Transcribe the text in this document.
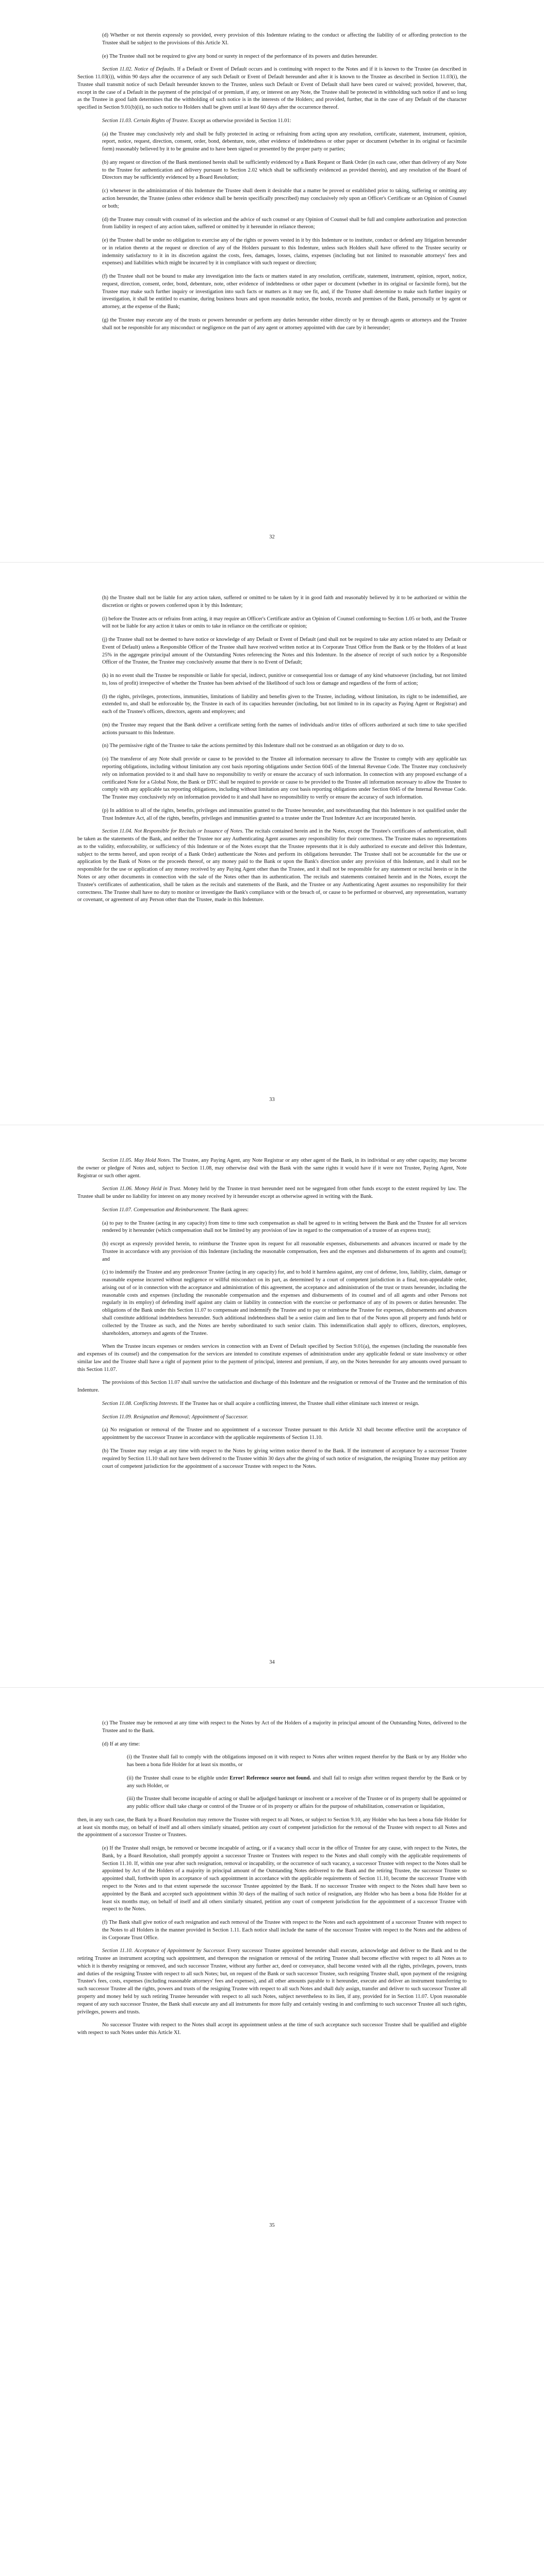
(d) Whether or not therein expressly so provided, every provision of this Indenture relating to the conduct or affecting the liability of or affording protection to the Trustee shall be subject to the provisions of this Article XI.

(e) The Trustee shall not be required to give any bond or surety in respect of the performance of its powers and duties hereunder.

Section 11.02. Notice of Defaults. If a Default or Event of Default occurs and is continuing with respect to the Notes and if it is known to the Trustee (as described in Section 11.03(i)), within 90 days after the occurrence of any such Default or Event of Default hereunder and after it is known to the Trustee as described in Section 11.03(i), the Trustee shall transmit notice of such Default hereunder known to the Trustee, unless such Default or Event of Default shall have been cured or waived; provided, however, that, except in the case of a Default in the payment of the principal of or premium, if any, or interest on any Note, the Trustee shall be protected in withholding such notice if and so long as the Trustee in good faith determines that the withholding of such notice is in the interests of the Holders; and provided, further, that in the case of any Default of the character specified in Section 9.01(b)(ii), no such notice to Holders shall be given until at least 60 days after the occurrence thereof.

Section 11.03. Certain Rights of Trustee. Except as otherwise provided in Section 11.01:

(a) the Trustee may conclusively rely and shall be fully protected in acting or refraining from acting upon any resolution, certificate, statement, instrument, opinion, report, notice, request, direction, consent, order, bond, debenture, note, other evidence of indebtedness or other paper or document (whether in its original or facsimile form) reasonably believed by it to be genuine and to have been signed or presented by the proper party or parties;

(b) any request or direction of the Bank mentioned herein shall be sufficiently evidenced by a Bank Request or Bank Order (in each case, other than delivery of any Note to the Trustee for authentication and delivery pursuant to Section 2.02 which shall be sufficiently evidenced as provided therein), and any resolution of the Board of Directors may be sufficiently evidenced by a Board Resolution;

(c) whenever in the administration of this Indenture the Trustee shall deem it desirable that a matter be proved or established prior to taking, suffering or omitting any action hereunder, the Trustee (unless other evidence shall be herein specifically prescribed) may conclusively rely upon an Officer's Certificate or an Opinion of Counsel or both;

(d) the Trustee may consult with counsel of its selection and the advice of such counsel or any Opinion of Counsel shall be full and complete authorization and protection from liability in respect of any action taken, suffered or omitted by it hereunder in reliance thereon;

(e) the Trustee shall be under no obligation to exercise any of the rights or powers vested in it by this Indenture or to institute, conduct or defend any litigation hereunder or in relation thereto at the request or direction of any of the Holders pursuant to this Indenture, unless such Holders shall have offered to the Trustee security or indemnity satisfactory to it in its discretion against the costs, fees, damages, losses, claims, expenses (including but not limited to reasonable attorneys' fees and expenses) and liabilities which might be incurred by it in compliance with such request or direction;

(f) the Trustee shall not be bound to make any investigation into the facts or matters stated in any resolution, certificate, statement, instrument, opinion, report, notice, request, direction, consent, order, bond, debenture, note, other evidence of indebtedness or other paper or document (whether in its original or facsimile form), but the Trustee may make such further inquiry or investigation into such facts or matters as it may see fit, and, if the Trustee shall determine to make such further inquiry or investigation, it shall be entitled to examine, during business hours and upon reasonable notice, the books, records and premises of the Bank, personally or by agent or attorney, at the expense of the Bank;

(g) the Trustee may execute any of the trusts or powers hereunder or perform any duties hereunder either directly or by or through agents or attorneys and the Trustee shall not be responsible for any misconduct or negligence on the part of any agent or attorney appointed with due care by it hereunder;

32

(h) the Trustee shall not be liable for any action taken, suffered or omitted to be taken by it in good faith and reasonably believed by it to be authorized or within the discretion or rights or powers conferred upon it by this Indenture;

(i) before the Trustee acts or refrains from acting, it may require an Officer's Certificate and/or an Opinion of Counsel conforming to Section 1.05 or both, and the Trustee will not be liable for any action it takes or omits to take in reliance on the certificate or opinion;

(j) the Trustee shall not be deemed to have notice or knowledge of any Default or Event of Default (and shall not be required to take any action related to any Default or Event of Default) unless a Responsible Officer of the Trustee shall have received written notice at its Corporate Trust Office from the Bank or by the Holders of at least 25% in the aggregate principal amount of the Outstanding Notes referencing the Notes and this Indenture. In the absence of receipt of such notice by a Responsible Officer of the Trustee, the Trustee may conclusively assume that there is no Event of Default;

(k) in no event shall the Trustee be responsible or liable for special, indirect, punitive or consequential loss or damage of any kind whatsoever (including, but not limited to, loss of profit) irrespective of whether the Trustee has been advised of the likelihood of such loss or damage and regardless of the form of action;

(l) the rights, privileges, protections, immunities, limitations of liability and benefits given to the Trustee, including, without limitation, its right to be indemnified, are extended to, and shall be enforceable by, the Trustee in each of its capacities hereunder (including, but not limited to in its capacity as Paying Agent or Registrar) and each of the Trustee's officers, directors, agents and employees; and

(m) the Trustee may request that the Bank deliver a certificate setting forth the names of individuals and/or titles of officers authorized at such time to take specified actions pursuant to this Indenture.

(n) The permissive right of the Trustee to take the actions permitted by this Indenture shall not be construed as an obligation or duty to do so.

(o) The transferor of any Note shall provide or cause to be provided to the Trustee all information necessary to allow the Trustee to comply with any applicable tax reporting obligations, including without limitation any cost basis reporting obligations under Section 6045 of the Internal Revenue Code. The Trustee may conclusively rely on information provided to it and shall have no responsibility to verify or ensure the accuracy of such information. In connection with any proposed exchange of a certificated Note for a Global Note, the Bank or DTC shall be required to provide or cause to be provided to the Trustee all information necessary to allow the Trustee to comply with any applicable tax reporting obligations, including without limitation any cost basis reporting obligations under Section 6045 of the Internal Revenue Code. The Trustee may conclusively rely on information provided to it and shall have no responsibility to verify or ensure the accuracy of such information.

(p) In addition to all of the rights, benefits, privileges and immunities granted to the Trustee hereunder, and notwithstanding that this Indenture is not qualified under the Trust Indenture Act, all of the rights, benefits, privileges and immunities granted to a trustee under the Trust Indenture Act are incorporated herein.

Section 11.04. Not Responsible for Recitals or Issuance of Notes. The recitals contained herein and in the Notes, except the Trustee's certificates of authentication, shall be taken as the statements of the Bank, and neither the Trustee nor any Authenticating Agent assumes any responsibility for their correctness. The Trustee makes no representations as to the validity, enforceability, or sufficiency of this Indenture or of the Notes except that the Trustee represents that it is duly authorized to execute and deliver this Indenture, subject to the terms hereof, and upon receipt of a Bank Order) authenticate the Notes and perform its obligations hereunder. The Trustee shall not be accountable for the use or application by the Bank of Notes or the proceeds thereof, or any money paid to the Bank or upon the Bank's direction under any provision of this Indenture, and it shall not be responsible for the use or application of any money received by any Paying Agent other than the Trustee, and it shall not be responsible for any statement or recital herein or in the Notes or any other documents in connection with the sale of the Notes other than its authentication. The recitals and statements contained herein and in the Notes, except the Trustee's certificates of authentication, shall be taken as the recitals and statements of the Bank, and the Trustee or any Authenticating Agent assumes no responsibility for their correctness. The Trustee shall have no duty to monitor or investigate the Bank's compliance with or the breach of, or cause to be performed or observed, any representation, warranty or covenant, or agreement of any Person other than the Trustee, made in this Indenture.

33

Section 11.05. May Hold Notes. The Trustee, any Paying Agent, any Note Registrar or any other agent of the Bank, in its individual or any other capacity, may become the owner or pledgee of Notes and, subject to Section 11.08, may otherwise deal with the Bank with the same rights it would have if it were not Trustee, Paying Agent, Note Registrar or such other agent.

Section 11.06. Money Held in Trust. Money held by the Trustee in trust hereunder need not be segregated from other funds except to the extent required by law. The Trustee shall be under no liability for interest on any money received by it hereunder except as otherwise agreed in writing with the Bank.

Section 11.07. Compensation and Reimbursement. The Bank agrees:

(a) to pay to the Trustee (acting in any capacity) from time to time such compensation as shall be agreed to in writing between the Bank and the Trustee for all services rendered by it hereunder (which compensation shall not be limited by any provision of law in regard to the compensation of a trustee of an express trust);

(b) except as expressly provided herein, to reimburse the Trustee upon its request for all reasonable expenses, disbursements and advances incurred or made by the Trustee in accordance with any provision of this Indenture (including the reasonable compensation, fees and the expenses and disbursements of its agents and counsel); and

(c) to indemnify the Trustee and any predecessor Trustee (acting in any capacity) for, and to hold it harmless against, any cost of defense, loss, liability, claim, damage or reasonable expense incurred without negligence or willful misconduct on its part, as determined by a court of competent jurisdiction in a final, non-appealable order, arising out of or in connection with the acceptance and administration of this agreement, the acceptance and administration of the trust or trusts hereunder, including the reasonable costs and expenses (including the reasonable compensation and the expenses and disbursements of its counsel and of all agents and other Persons not regularly in its employ) of defending itself against any claim or liability in connection with the exercise or performance of any of its powers or duties hereunder. The obligations of the Bank under this Section 11.07 to compensate and indemnify the Trustee and to pay or reimburse the Trustee for expenses, disbursements and advances shall constitute additional indebtedness hereunder. Such additional indebtedness shall be a senior claim and lien to that of the Notes upon all property and funds held or collected by the Trustee as such, and the Notes are hereby subordinated to such senior claim. This indemnification shall apply to officers, directors, employees, shareholders, attorneys and agents of the Trustee.

When the Trustee incurs expenses or renders services in connection with an Event of Default specified by Section 9.01(a), the expenses (including the reasonable fees and expenses of its counsel) and the compensation for the services are intended to constitute expenses of administration under any applicable federal or state insolvency or other similar law and the Trustee shall have a right of payment prior to the payment of principal, interest and premium, if any, on the Notes hereunder for any amounts owed pursuant to this Section 11.07.

The provisions of this Section 11.07 shall survive the satisfaction and discharge of this Indenture and the resignation or removal of the Trustee and the termination of this Indenture.

Section 11.08. Conflicting Interests. If the Trustee has or shall acquire a conflicting interest, the Trustee shall either eliminate such interest or resign.

Section 11.09. Resignation and Removal; Appointment of Successor.

(a) No resignation or removal of the Trustee and no appointment of a successor Trustee pursuant to this Article XI shall become effective until the acceptance of appointment by the successor Trustee in accordance with the applicable requirements of Section 11.10.

(b) The Trustee may resign at any time with respect to the Notes by giving written notice thereof to the Bank. If the instrument of acceptance by a successor Trustee required by Section 11.10 shall not have been delivered to the Trustee within 30 days after the giving of such notice of resignation, the resigning Trustee may petition any court of competent jurisdiction for the appointment of a successor Trustee with respect to the Notes.

34

(c) The Trustee may be removed at any time with respect to the Notes by Act of the Holders of a majority in principal amount of the Outstanding Notes, delivered to the Trustee and to the Bank.

(d) If at any time:

(i) the Trustee shall fail to comply with the obligations imposed on it with respect to Notes after written request therefor by the Bank or by any Holder who has been a bona fide Holder for at least six months, or

(ii) the Trustee shall cease to be eligible under Error! Reference source not found. and shall fail to resign after written request therefor by the Bank or by any such Holder, or

(iii) the Trustee shall become incapable of acting or shall be adjudged bankrupt or insolvent or a receiver of the Trustee or of its property shall be appointed or any public officer shall take charge or control of the Trustee or of its property or affairs for the purpose of rehabilitation, conservation or liquidation,

then, in any such case, the Bank by a Board Resolution may remove the Trustee with respect to all Notes, or subject to Section 9.10, any Holder who has been a bona fide Holder for at least six months may, on behalf of itself and all others similarly situated, petition any court of competent jurisdiction for the removal of the Trustee with respect to all Notes and the appointment of a successor Trustee or Trustees.

(e) If the Trustee shall resign, be removed or become incapable of acting, or if a vacancy shall occur in the office of Trustee for any cause, with respect to the Notes, the Bank, by a Board Resolution, shall promptly appoint a successor Trustee or Trustees with respect to the Notes and shall comply with the applicable requirements of Section 11.10. If, within one year after such resignation, removal or incapability, or the occurrence of such vacancy, a successor Trustee with respect to the Notes shall be appointed by Act of the Holders of a majority in principal amount of the Outstanding Notes delivered to the Bank and the retiring Trustee, the successor Trustee so appointed shall, forthwith upon its acceptance of such appointment in accordance with the applicable requirements of Section 11.10, become the successor Trustee with respect to the Notes and to that extent supersede the successor Trustee appointed by the Bank. If no successor Trustee with respect to the Notes shall have been so appointed by the Bank and accepted such appointment within 30 days of the mailing of such notice of resignation, any Holder who has been a bona fide Holder for at least six months may, on behalf of itself and all others similarly situated, petition any court of competent jurisdiction for the appointment of a successor Trustee with respect to the Notes.

(f) The Bank shall give notice of each resignation and each removal of the Trustee with respect to the Notes and each appointment of a successor Trustee with respect to the Notes to all Holders in the manner provided in Section 1.11. Each notice shall include the name of the successor Trustee with respect to the Notes and the address of its Corporate Trust Office.

Section 11.10. Acceptance of Appointment by Successor. Every successor Trustee appointed hereunder shall execute, acknowledge and deliver to the Bank and to the retiring Trustee an instrument accepting such appointment, and thereupon the resignation or removal of the retiring Trustee shall become effective with respect to all Notes as to which it is thereby resigning or removed, and such successor Trustee, without any further act, deed or conveyance, shall become vested with all the rights, privileges, powers, trusts and duties of the resigning Trustee with respect to all such Notes; but, on request of the Bank or such successor Trustee, such resigning Trustee shall, upon payment of the resigning Trustee's fees, costs, expenses (including reasonable attorneys' fees and expenses), and all other amounts payable to it hereunder, execute and deliver an instrument transferring to such successor Trustee all the rights, powers and trusts of the resigning Trustee with respect to all such Notes and shall duly assign, transfer and deliver to such successor Trustee all property and money held by such retiring Trustee hereunder with respect to all such Notes, subject nevertheless to its lien, if any, provided for in Section 11.07. Upon reasonable request of any such successor Trustee, the Bank shall execute any and all instruments for more fully and certainly vesting in and confirming to such successor Trustee all such rights, privileges, powers and trusts.

No successor Trustee with respect to the Notes shall accept its appointment unless at the time of such acceptance such successor Trustee shall be qualified and eligible with respect to such Notes under this Article XI.

35
